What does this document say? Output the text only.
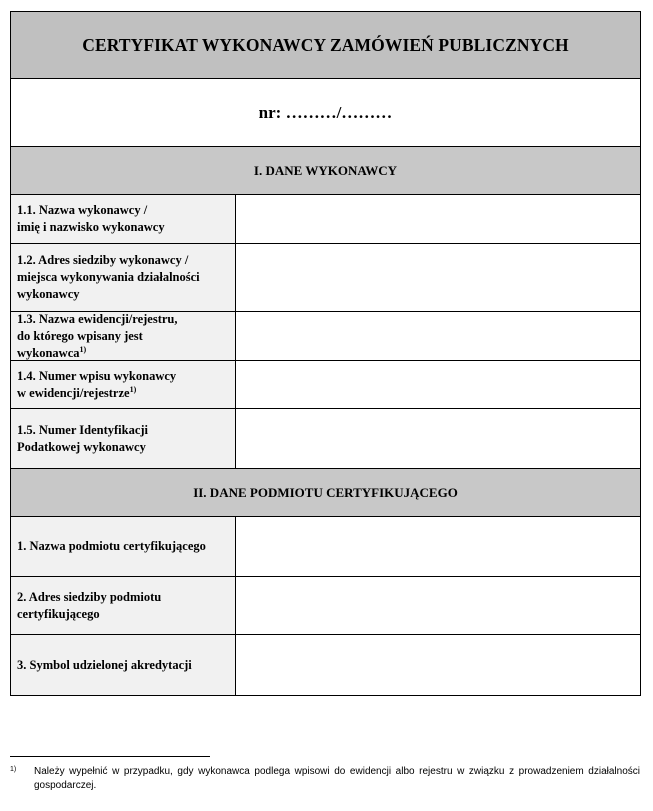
CERTYFIKAT WYKONAWCY ZAMÓWIEŃ PUBLICZNYCH
nr: ………/………
I. DANE WYKONAWCY
1.1. Nazwa wykonawcy /
imię i nazwisko wykonawcy
1.2. Adres siedziby wykonawcy /
miejsca wykonywania działalności
wykonawcy
1.3. Nazwa ewidencji/rejestru,
do którego wpisany jest
wykonawca$^{1)}$
1.4. Numer wpisu wykonawcy
w ewidencji/rejestrze$^{1)}$
1.5. Numer Identyfikacji
Podatkowej wykonawcy
II. DANE PODMIOTU CERTYFIKUJĄCEGO
1. Nazwa podmiotu certyfikującego
2. Adres siedziby podmiotu
certyfikującego
3. Symbol udzielonej akredytacji
1) Należy wypełnić w przypadku, gdy wykonawca podlega wpisowi do ewidencji albo rejestru w związku z prowadzeniem działalności gospodarczej.
